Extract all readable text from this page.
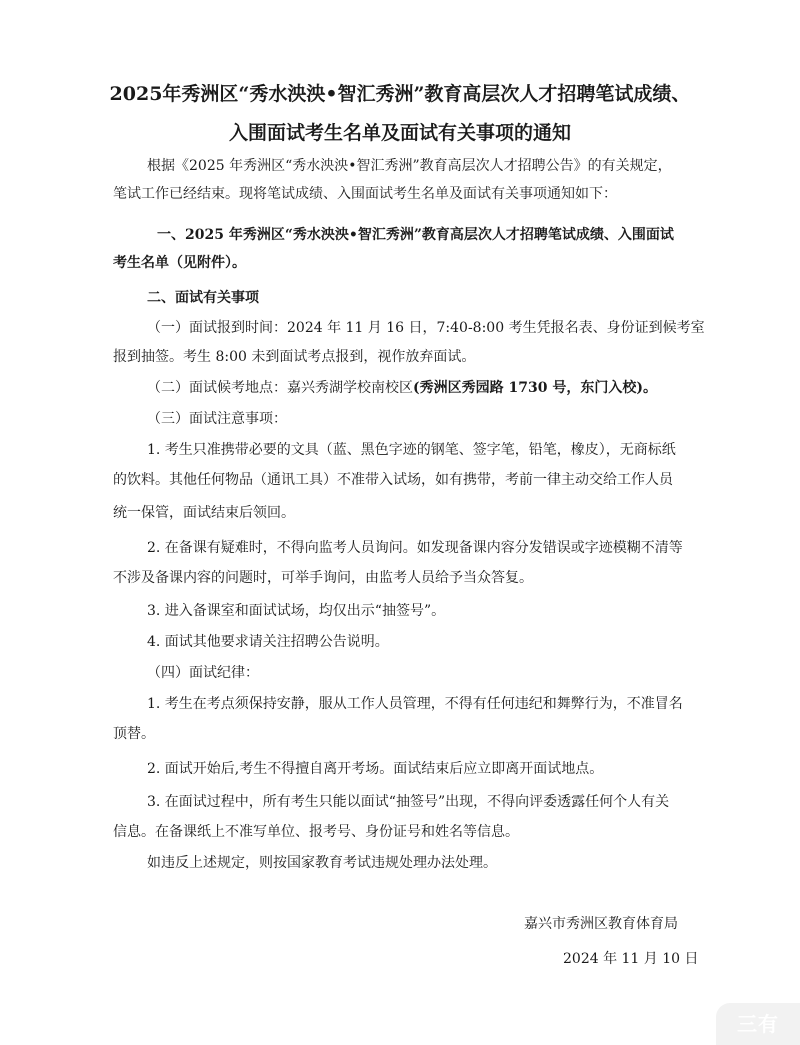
2025年秀洲区“秀水泱泱•智汇秀洲”教育高层次人才招聘笔试成绩、
入围面试考生名单及面试有关事项的通知
根据《2025 年秀洲区“秀水泱泱•智汇秀洲”教育高层次人才招聘公告》的有关规定，
笔试工作已经结束。现将笔试成绩、入围面试考生名单及面试有关事项通知如下：
一、2025 年秀洲区“秀水泱泱•智汇秀洲”教育高层次人才招聘笔试成绩、入围面试
考生名单（见附件）。
二、面试有关事项
（一）面试报到时间：2024 年 11 月 16 日，7:40-8:00 考生凭报名表、身份证到候考室
报到抽签。考生 8:00 未到面试考点报到，视作放弃面试。
（二）面试候考地点：嘉兴秀湖学校南校区(秀洲区秀园路 1730 号，东门入校)。
（三）面试注意事项：
1. 考生只准携带必要的文具（蓝、黑色字迹的钢笔、签字笔，铅笔，橡皮），无商标纸
的饮料。其他任何物品（通讯工具）不准带入试场，如有携带，考前一律主动交给工作人员
统一保管，面试结束后领回。
2. 在备课有疑难时，不得向监考人员询问。如发现备课内容分发错误或字迹模糊不清等
不涉及备课内容的问题时，可举手询问，由监考人员给予当众答复。
3. 进入备课室和面试试场，均仅出示“抽签号”。
4. 面试其他要求请关注招聘公告说明。
（四）面试纪律：
1. 考生在考点须保持安静，服从工作人员管理，不得有任何违纪和舞弊行为，不准冒名
顶替。
2. 面试开始后,考生不得擅自离开考场。面试结束后应立即离开面试地点。
3. 在面试过程中，所有考生只能以面试“抽签号”出现，不得向评委透露任何个人有关
信息。在备课纸上不准写单位、报考号、身份证号和姓名等信息。
如违反上述规定，则按国家教育考试违规处理办法处理。
嘉兴市秀洲区教育体育局
2024 年 11 月 10 日
三有
